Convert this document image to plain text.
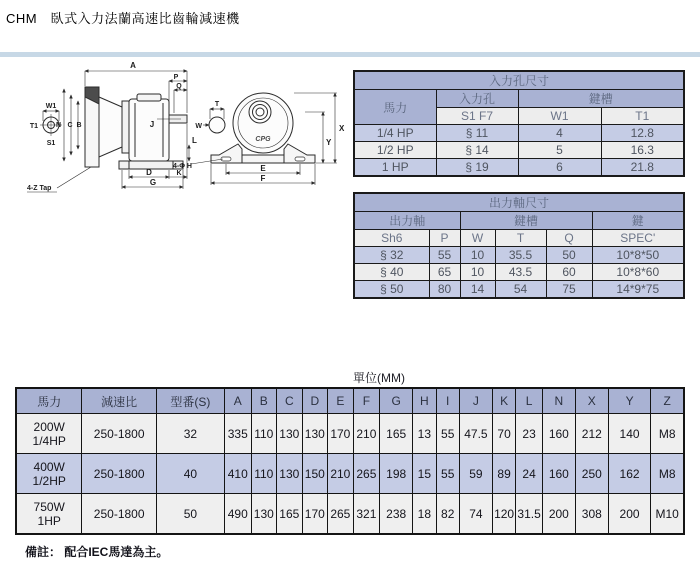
CHM　臥式入力法蘭高速比齒輪減速機
A
P
Q
W1
T1
S1
N C B	J
L
D	K
G
4-Z Tap
T
W	X
Y
E
F
4-Φ H
CPG
入力孔尺寸			
馬力	入力孔	鍵槽	
	S1 F7	W1	T1
1/4 HP	§ 11	4	12.8
1/2 HP	§ 14	5	16.3
1 HP	§ 19	6	21.8
出力軸尺寸					
出力軸		鍵槽			鍵
Sh6	P	W	T	Q	SPEC'
§ 32	55	10	35.5	50	10*8*50
§ 40	65	10	43.5	60	10*8*60
§ 50	80	14	54	75	14*9*75
單位(MM)
馬力	減速比	型番(S)	A	B	C	D	E	F	G	H	I	J	K	L	N	X	Y	Z

200W
1/4HP	250-1800	32	335	110	130	130	170	210	165	13	55	47.5	70	23	160	212	140	M8

400W
1/2HP	250-1800	40	410	110	130	150	210	265	198	15	55	59	89	24	160	250	162	M8

750W
1HP	250-1800	50	490	130	165	170	265	321	238	18	82	74	120	31.5	200	308	200	M10
備註： 配合IEC馬達為主。
